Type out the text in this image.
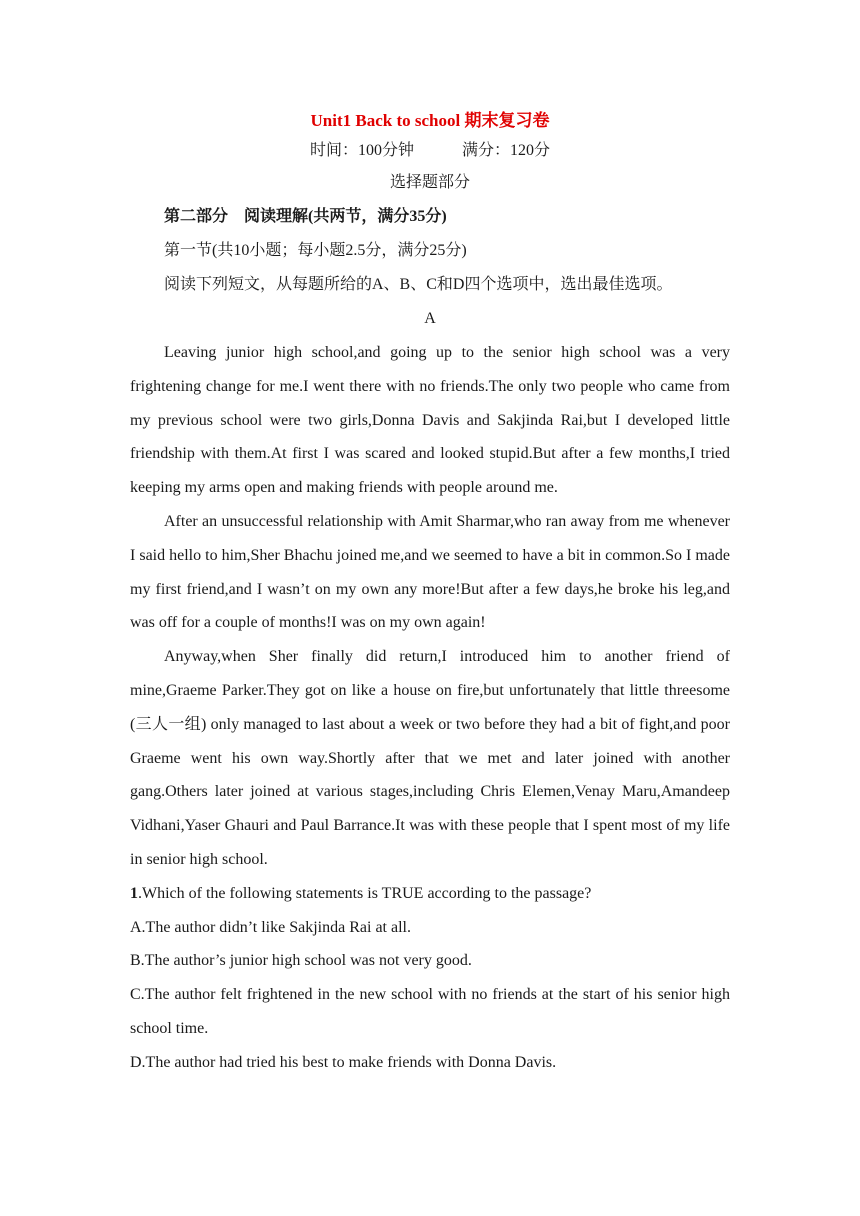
Unit1 Back to school 期末复习卷

时间：100分钟	满分：120分

选择题部分

第二部分　阅读理解(共两节，满分35分)

第一节(共10小题；每小题2.5分，满分25分)

阅读下列短文，从每题所给的A、B、C和D四个选项中，选出最佳选项。

A

Leaving junior high school,and going up to the senior high school was a very frightening change for me.I went there with no friends.The only two people who came from my previous school were two girls,Donna Davis and Sakjinda Rai,but I developed little friendship with them.At first I was scared and looked stupid.But after a few months,I tried keeping my arms open and making friends with people around me.

After an unsuccessful relationship with Amit Sharmar,who ran away from me whenever I said hello to him,Sher Bhachu joined me,and we seemed to have a bit in common.So I made my first friend,and I wasn’t on my own any more!But after a few days,he broke his leg,and was off for a couple of months!I was on my own again!

Anyway,when Sher finally did return,I introduced him to another friend of mine,Graeme Parker.They got on like a house on fire,but unfortunately that little threesome (三人一组) only managed to last about a week or two before they had a bit of fight,and poor Graeme went his own way.Shortly after that we met and later joined with another gang.Others later joined at various stages,including Chris Elemen,Venay Maru,Amandeep Vidhani,Yaser Ghauri and Paul Barrance.It was with these people that I spent most of my life in senior high school.

1.Which of the following statements is TRUE according to the passage?

A.The author didn’t like Sakjinda Rai at all.

B.The author’s junior high school was not very good.

C.The author felt frightened in the new school with no friends at the start of his senior high school time.

D.The author had tried his best to make friends with Donna Davis.
